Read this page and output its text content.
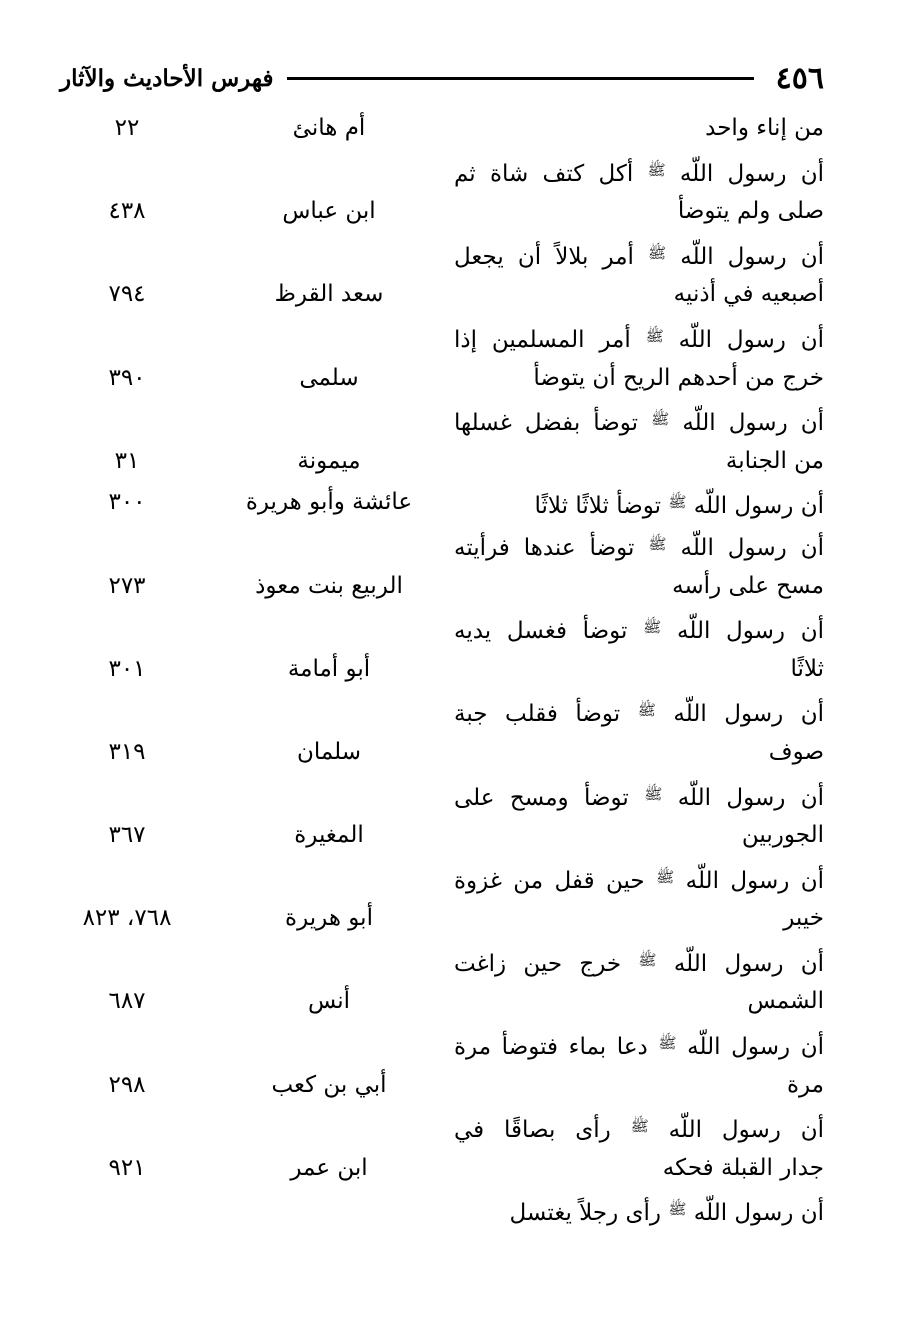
٤٥٦
فهرس الأحاديث والآثار
من إناء واحد
أم هانئ
٢٢
أن رسول اللّه $^ﷺ$ أكل كتف شاة ثم
صلى ولم يتوضأ
ابن عباس
٤٣٨
أن رسول اللّه $^ﷺ$ أمر بلالاً أن يجعل
أصبعيه في أذنيه
سعد القرظ
٧٩٤
أن رسول اللّه $^ﷺ$ أمر المسلمين إذا
خرج من أحدهم الريح أن يتوضأ
سلمى
٣٩٠
أن رسول اللّه $^ﷺ$ توضأ بفضل غسلها
من الجنابة
ميمونة
٣١
أن رسول اللّه $^ﷺ$ توضأ ثلاثًا ثلاثًا
عائشة وأبو هريرة
٣٠٠
أن رسول اللّه $^ﷺ$ توضأ عندها فرأيته
مسح على رأسه
الربيع بنت معوذ
٢٧٣
أن رسول اللّه $^ﷺ$ توضأ فغسل يديه
ثلاثًا
أبو أمامة
٣٠١
أن رسول اللّه $^ﷺ$ توضأ فقلب جبة
صوف
سلمان
٣١٩
أن رسول اللّه $^ﷺ$ توضأ ومسح على
الجوربين
المغيرة
٣٦٧
أن رسول اللّه $^ﷺ$ حين قفل من غزوة
خيبر
أبو هريرة
٧٦٨، ٨٢٣
أن رسول اللّه $^ﷺ$ خرج حين زاغت
الشمس
أنس
٦٨٧
أن رسول اللّه $^ﷺ$ دعا بماء فتوضأ مرة
مرة
أبي بن كعب
٢٩٨
أن رسول اللّه $^ﷺ$ رأى بصاقًا في
جدار القبلة فحكه
ابن عمر
٩٢١
أن رسول اللّه $^ﷺ$ رأى رجلاً يغتسل
